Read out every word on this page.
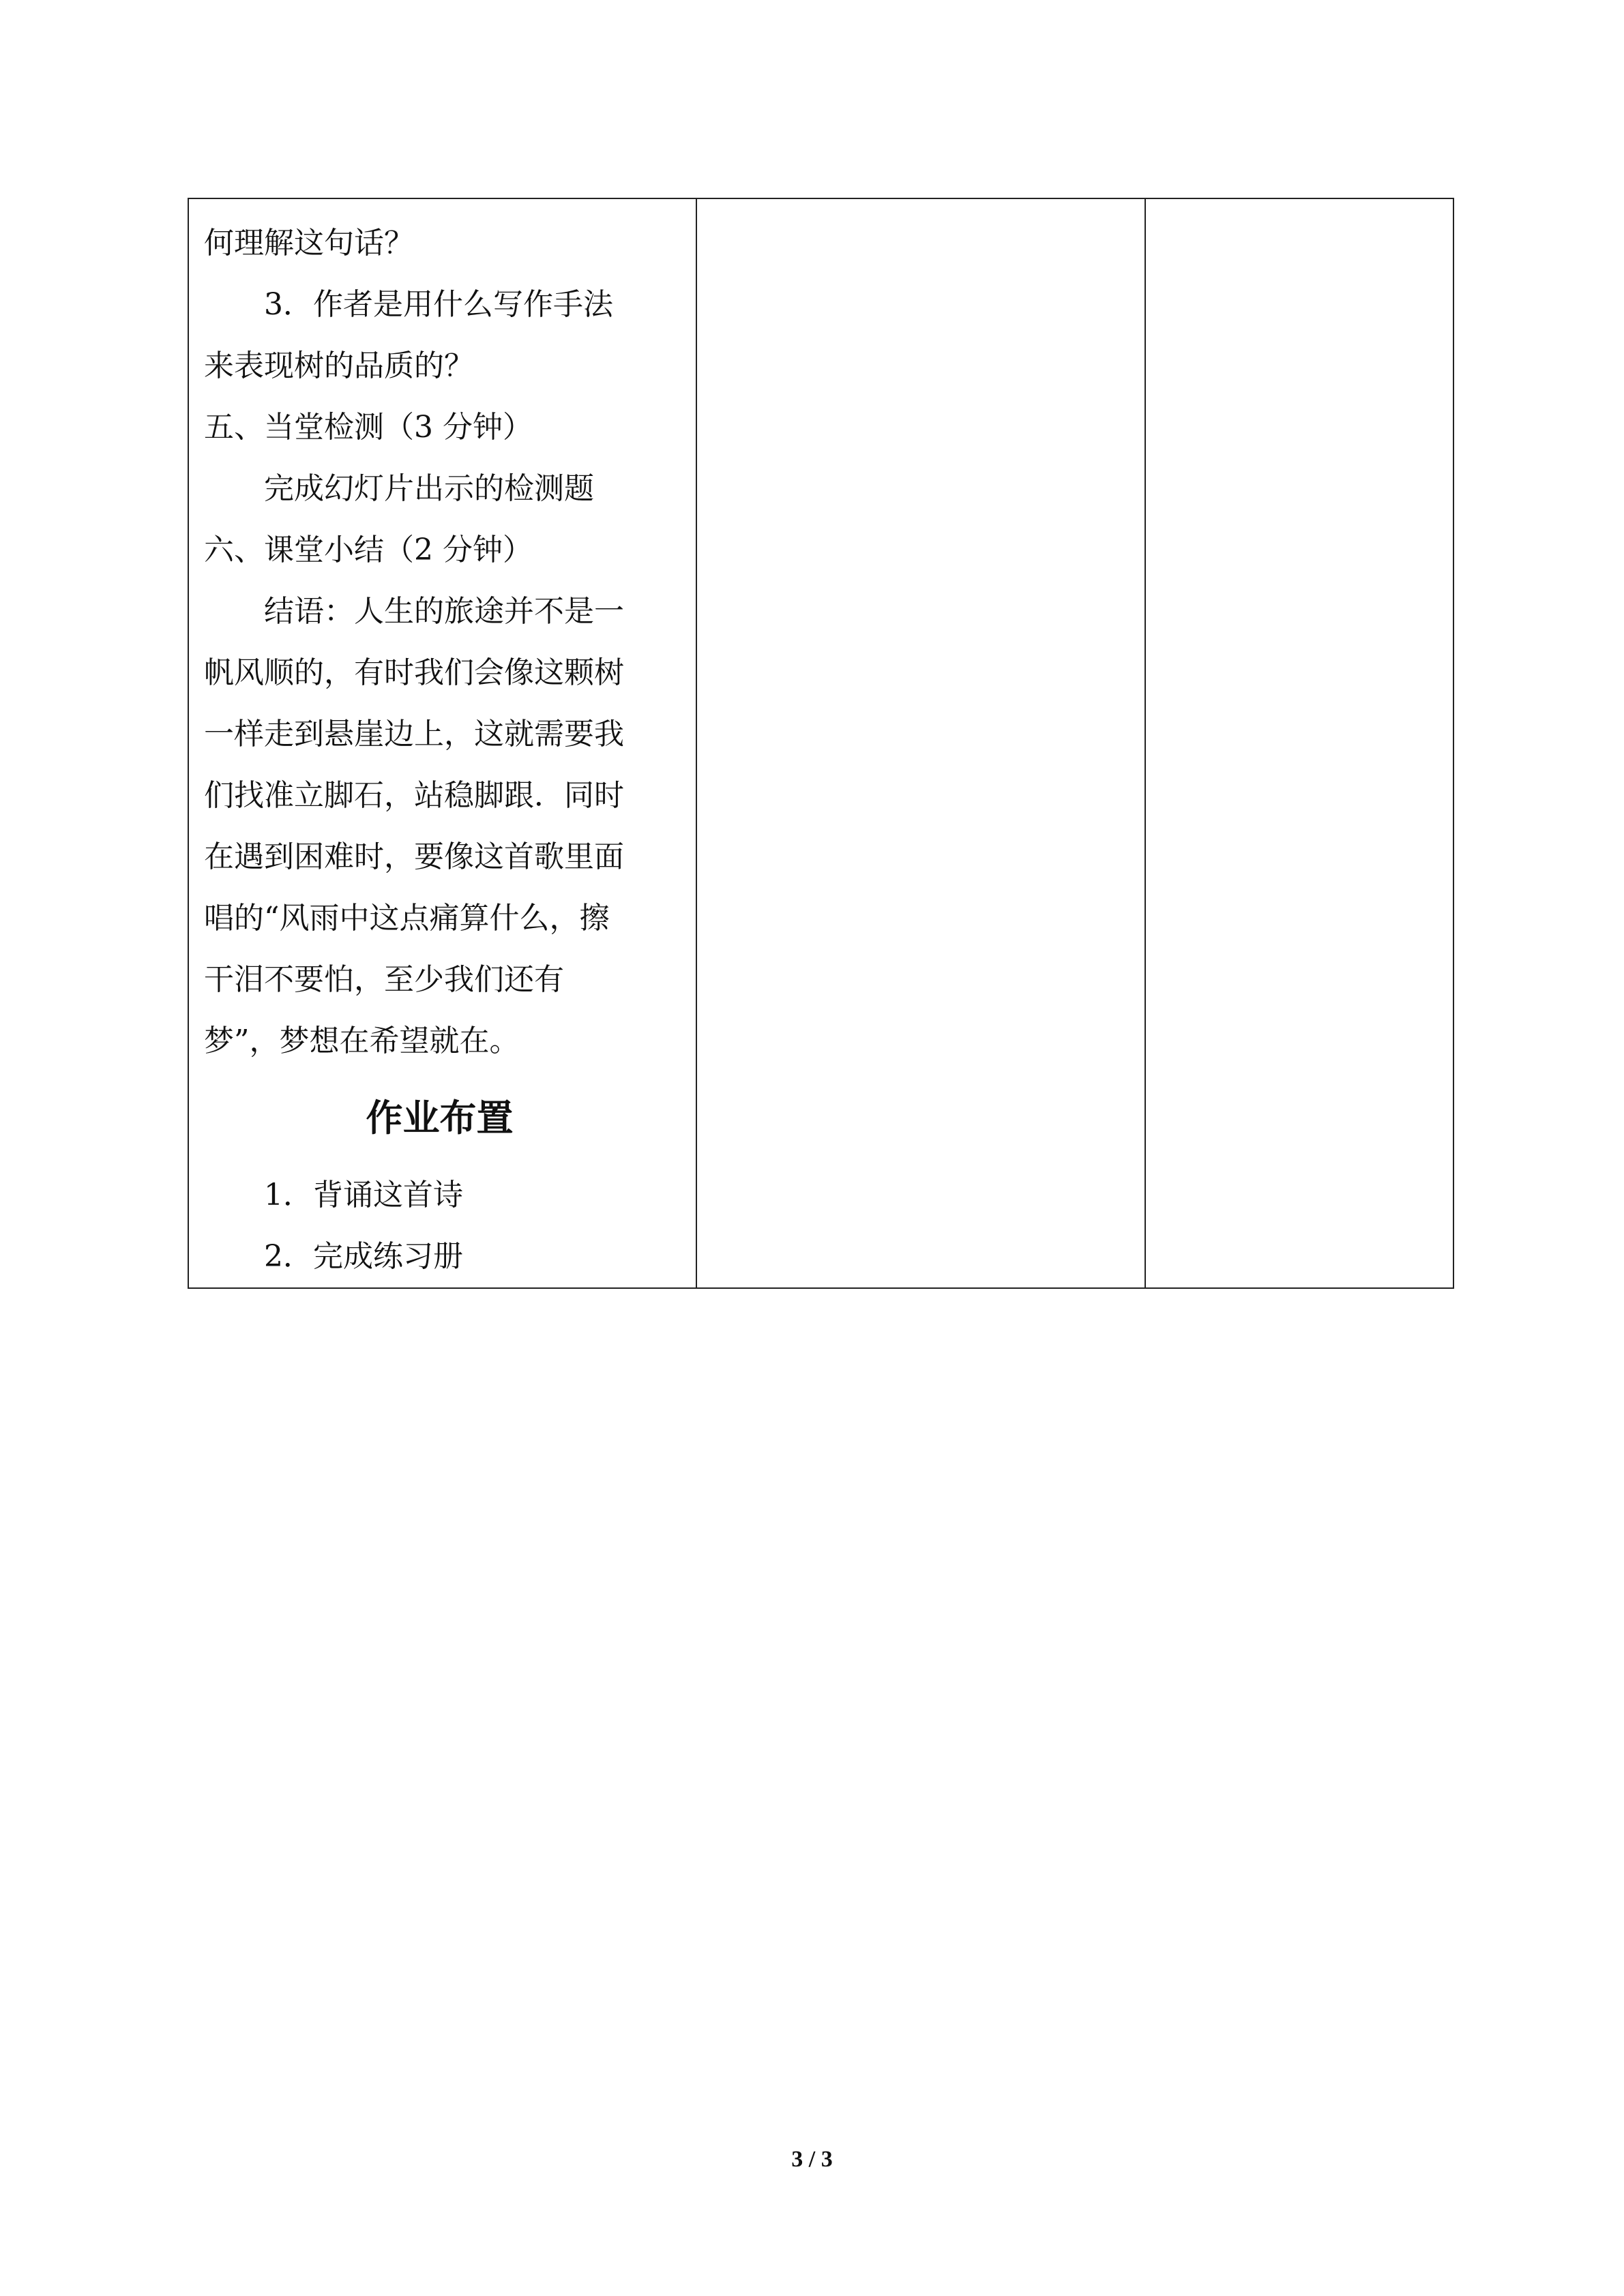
何理解这句话？
3．作者是用什么写作手法
来表现树的品质的？
五、当堂检测（3 分钟）
完成幻灯片出示的检测题
六、课堂小结（2 分钟）
结语：人生的旅途并不是一
帆风顺的，有时我们会像这颗树
一样走到悬崖边上，这就需要我
们找准立脚石，站稳脚跟．同时
在遇到困难时，要像这首歌里面
唱的“风雨中这点痛算什么，擦
干泪不要怕，至少我们还有
梦”，梦想在希望就在。
作业布置
1．背诵这首诗
2．完成练习册

3 / 3
